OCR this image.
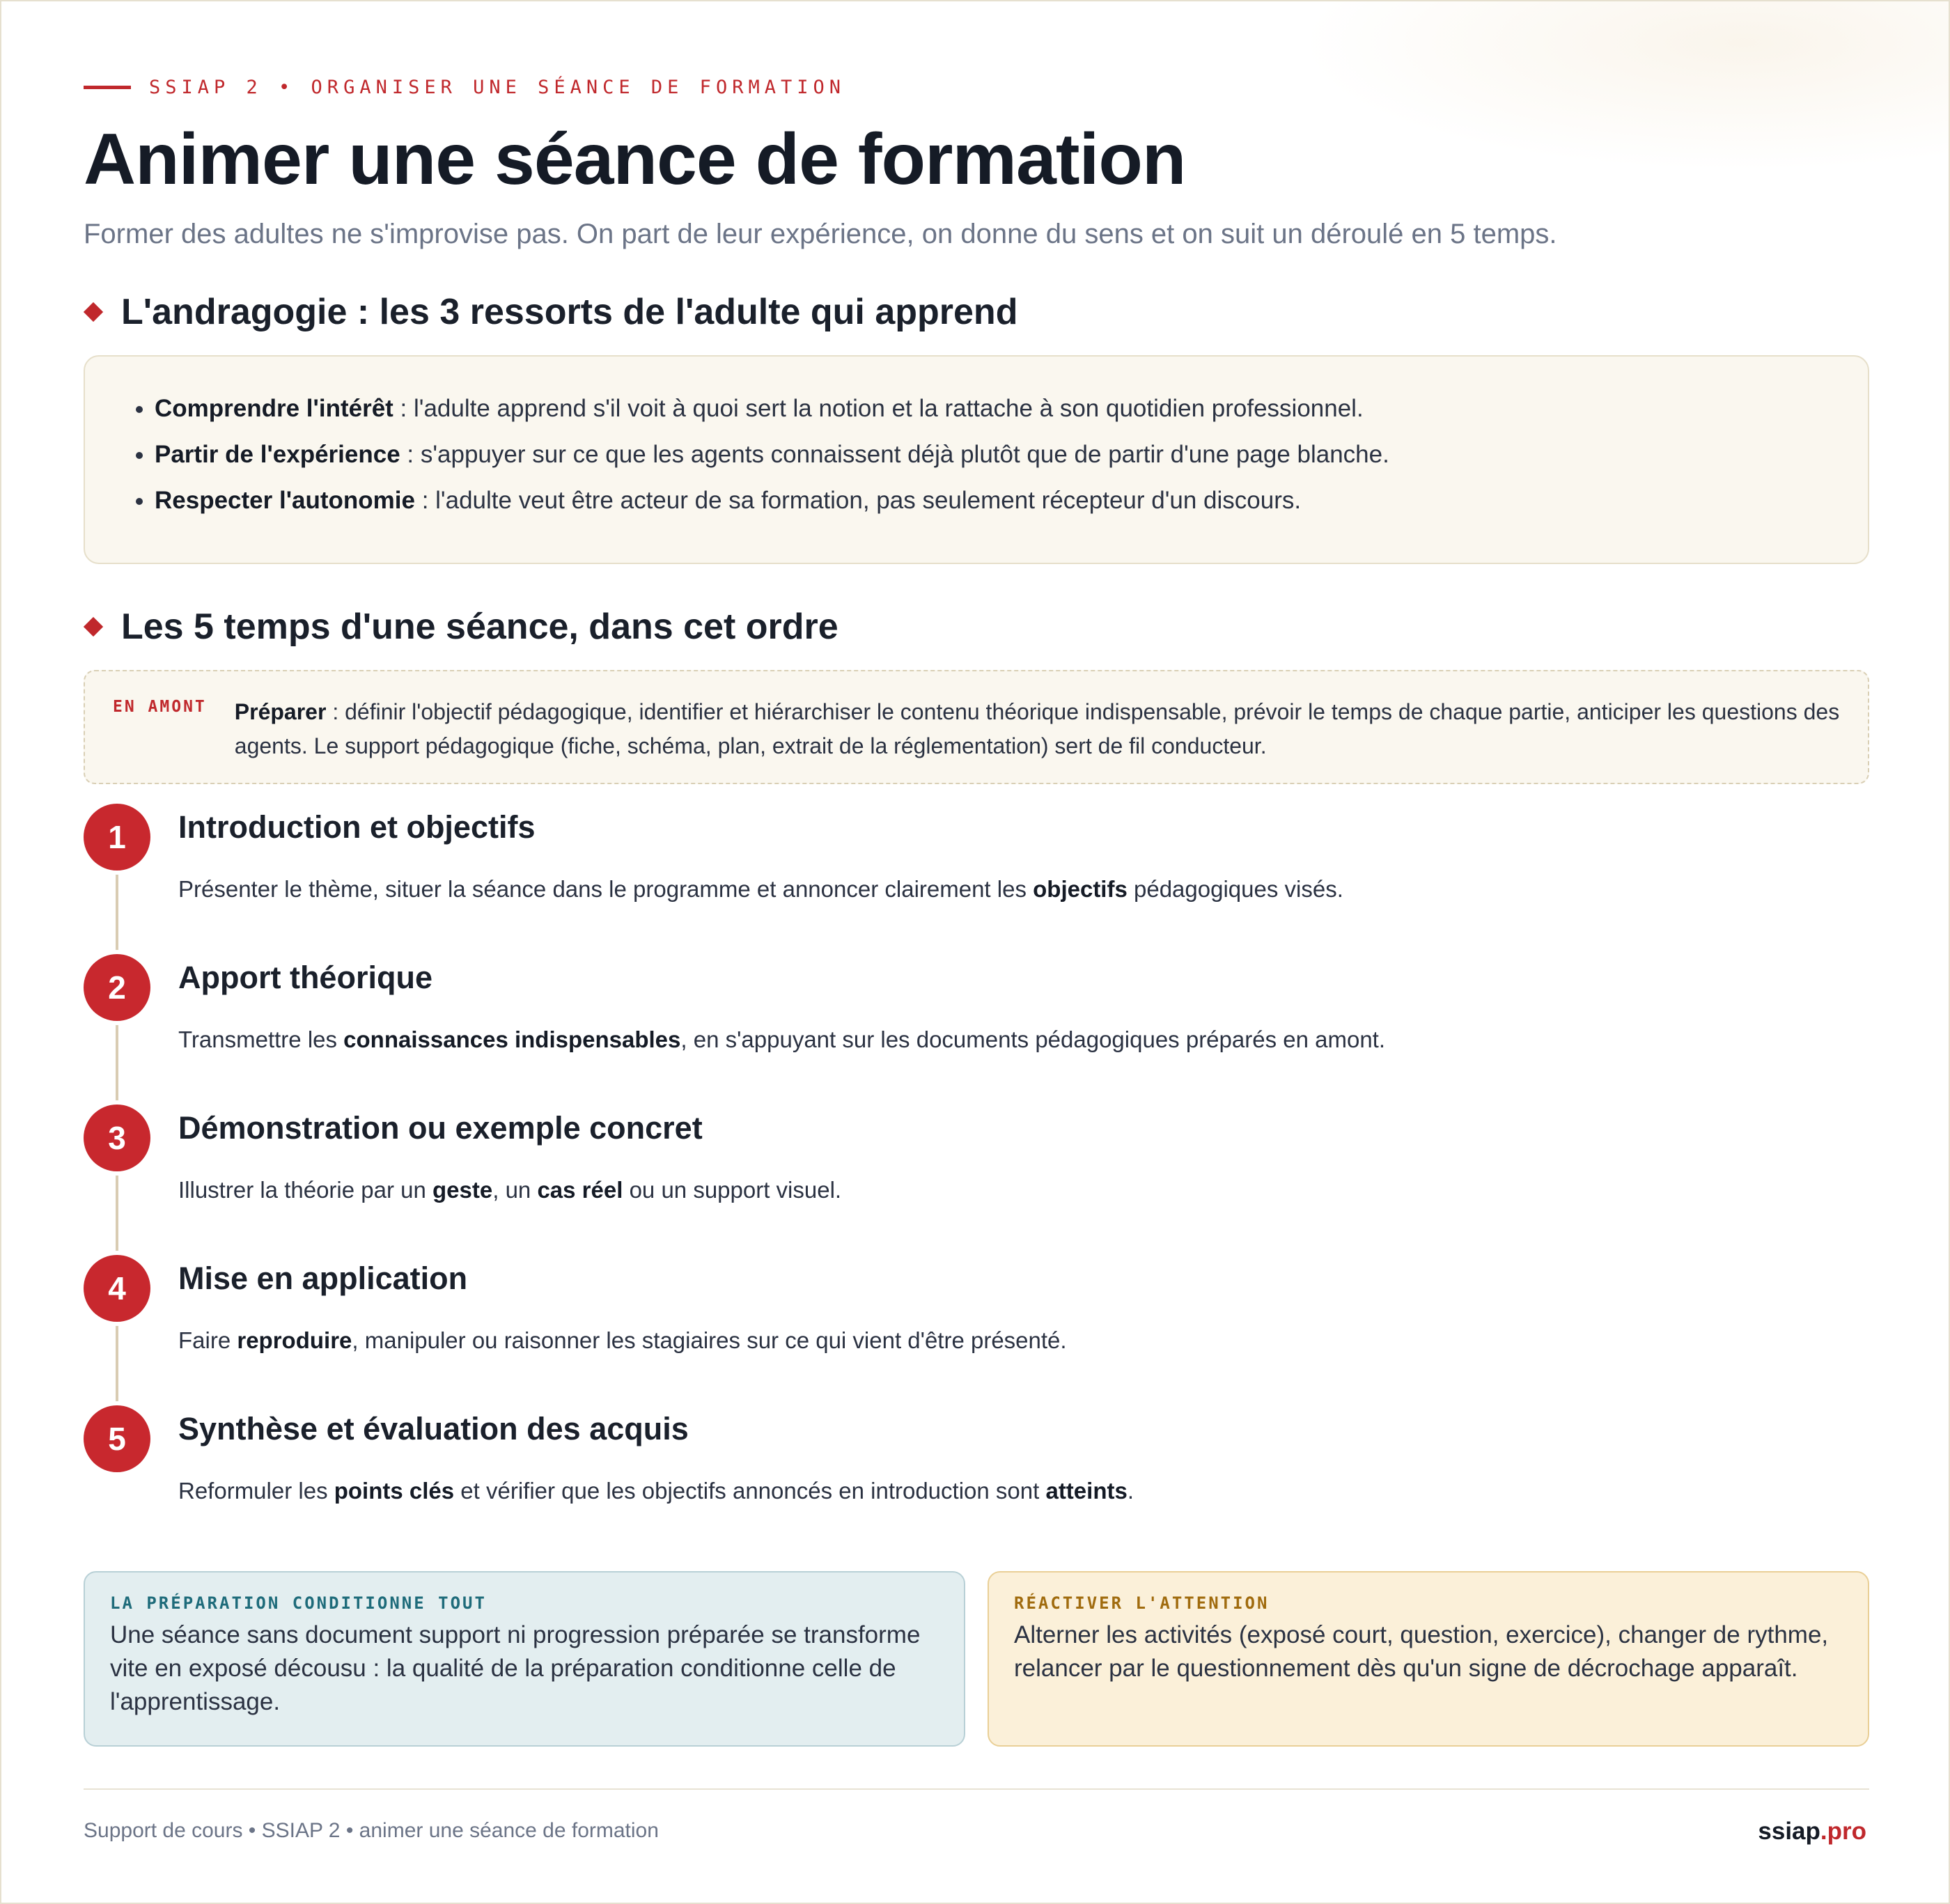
SSIAP 2 • ORGANISER UNE SÉANCE DE FORMATION
Animer une séance de formation

Former des adultes ne s'improvise pas. On part de leur expérience, on donne du sens et on suit un déroulé en 5 temps.

L'andragogie : les 3 ressorts de l'adulte qui apprend
• Comprendre l'intérêt : l'adulte apprend s'il voit à quoi sert la notion et la rattache à son quotidien professionnel.
• Partir de l'expérience : s'appuyer sur ce que les agents connaissent déjà plutôt que de partir d'une page blanche.
• Respecter l'autonomie : l'adulte veut être acteur de sa formation, pas seulement récepteur d'un discours.
Les 5 temps d'une séance, dans cet ordre
EN AMONT Préparer : définir l'objectif pédagogique, identifier et hiérarchiser le contenu théorique indispensable, prévoir le temps de chaque partie, anticiper les questions des agents. Le support pédagogique (fiche, schéma, plan, extrait de la réglementation) sert de fil conducteur.
1	Introduction et objectifs
Présenter le thème, situer la séance dans le programme et annoncer clairement les objectifs pédagogiques visés.
2	Apport théorique
Transmettre les connaissances indispensables, en s'appuyant sur les documents pédagogiques préparés en amont.
3	Démonstration ou exemple concret
Illustrer la théorie par un geste, un cas réel ou un support visuel.
4	Mise en application
Faire reproduire, manipuler ou raisonner les stagiaires sur ce qui vient d'être présenté.
5	Synthèse et évaluation des acquis
Reformuler les points clés et vérifier que les objectifs annoncés en introduction sont atteints.
LA PRÉPARATION CONDITIONNE TOUT
Une séance sans document support ni progression préparée se transforme vite en exposé décousu : la qualité de la préparation conditionne celle de l'apprentissage.
RÉACTIVER L'ATTENTION
Alterner les activités (exposé court, question, exercice), changer de rythme, relancer par le questionnement dès qu'un signe de décrochage apparaît.
Support de cours • SSIAP 2 • animer une séance de formation	ssiap.pro
